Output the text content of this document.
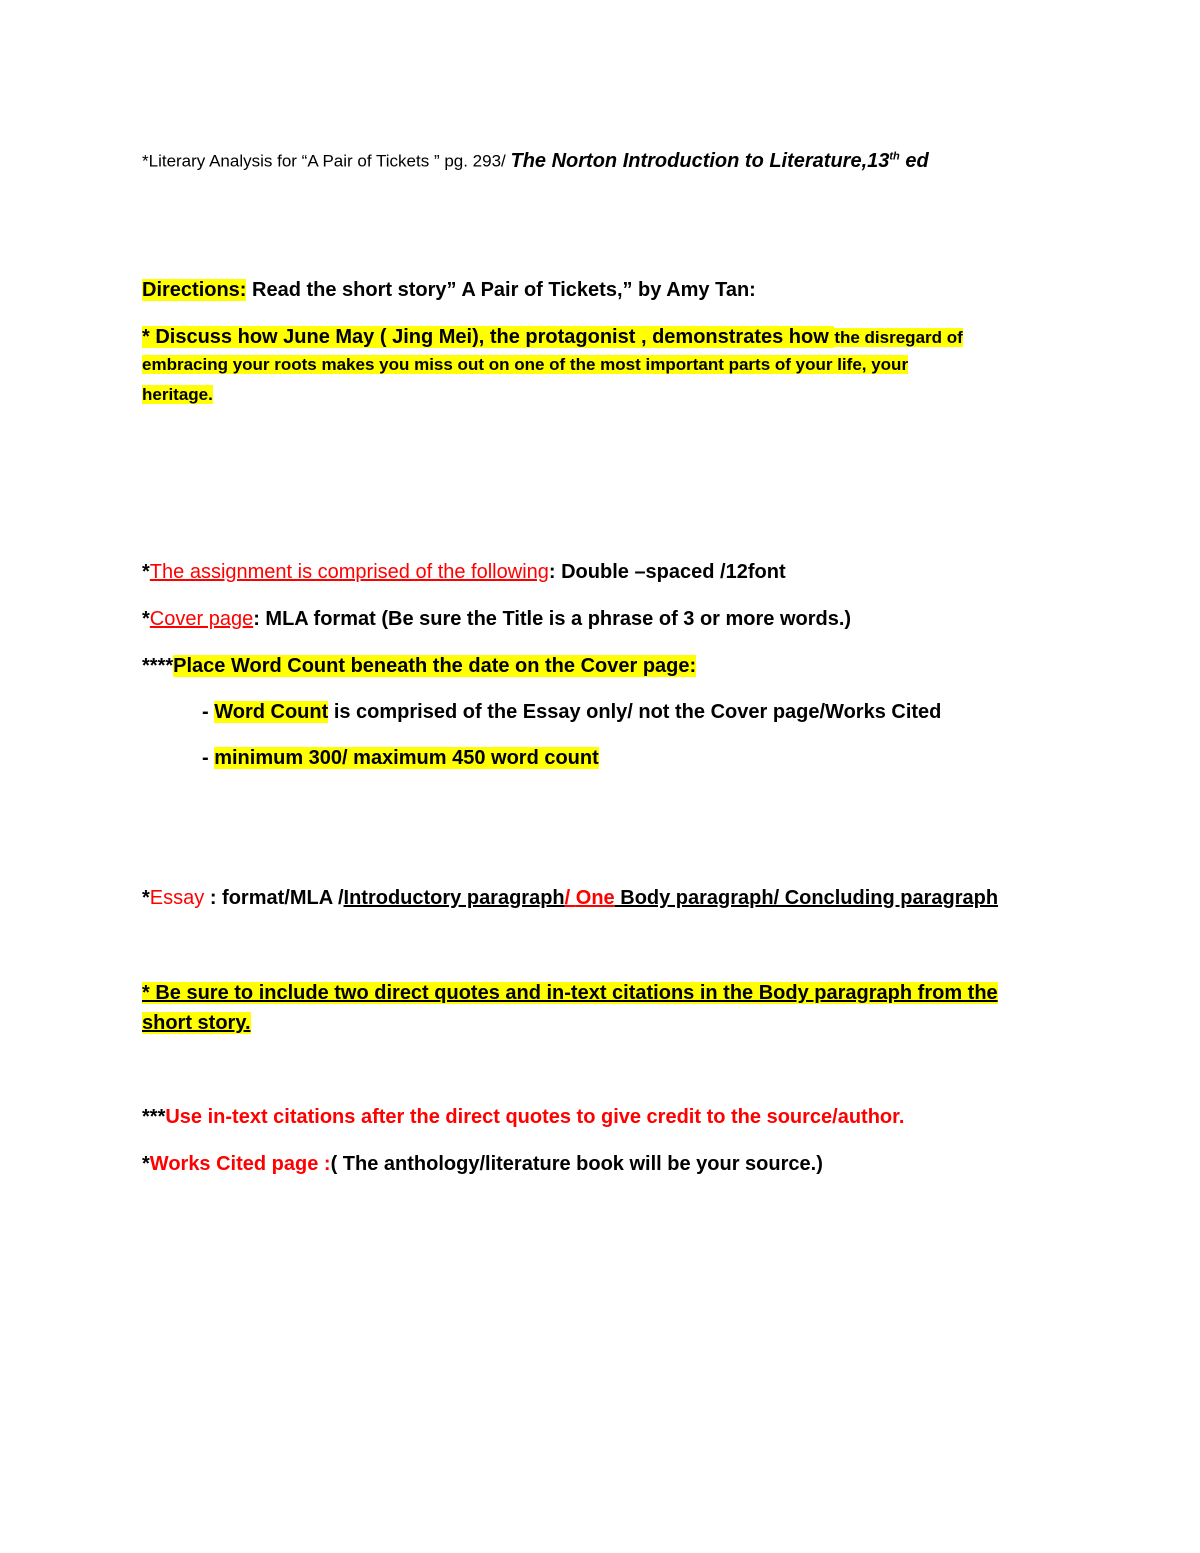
*Literary Analysis for “A Pair of Tickets ” pg. 293/ The Norton Introduction to Literature,13th ed
Directions: Read the short story” A Pair of Tickets,” by Amy Tan:
* Discuss how June May ( Jing Mei), the protagonist , demonstrates how the disregard of
embracing your roots makes you miss out on one of the most important parts of your life, your
heritage.
*The assignment is comprised of the following: Double –spaced /12font
*Cover page: MLA format (Be sure the Title is a phrase of 3 or more words.)
****Place Word Count beneath the date on the Cover page:
- Word Count is comprised of the Essay only/ not the Cover page/Works Cited
- minimum 300/ maximum 450 word count
*Essay : format/MLA /Introductory paragraph/ One Body paragraph/ Concluding paragraph
* Be sure to include two direct quotes and in-text citations in the Body paragraph from the
short story.
***Use in-text citations after the direct quotes to give credit to the source/author.
*Works Cited page :( The anthology/literature book will be your source.)
